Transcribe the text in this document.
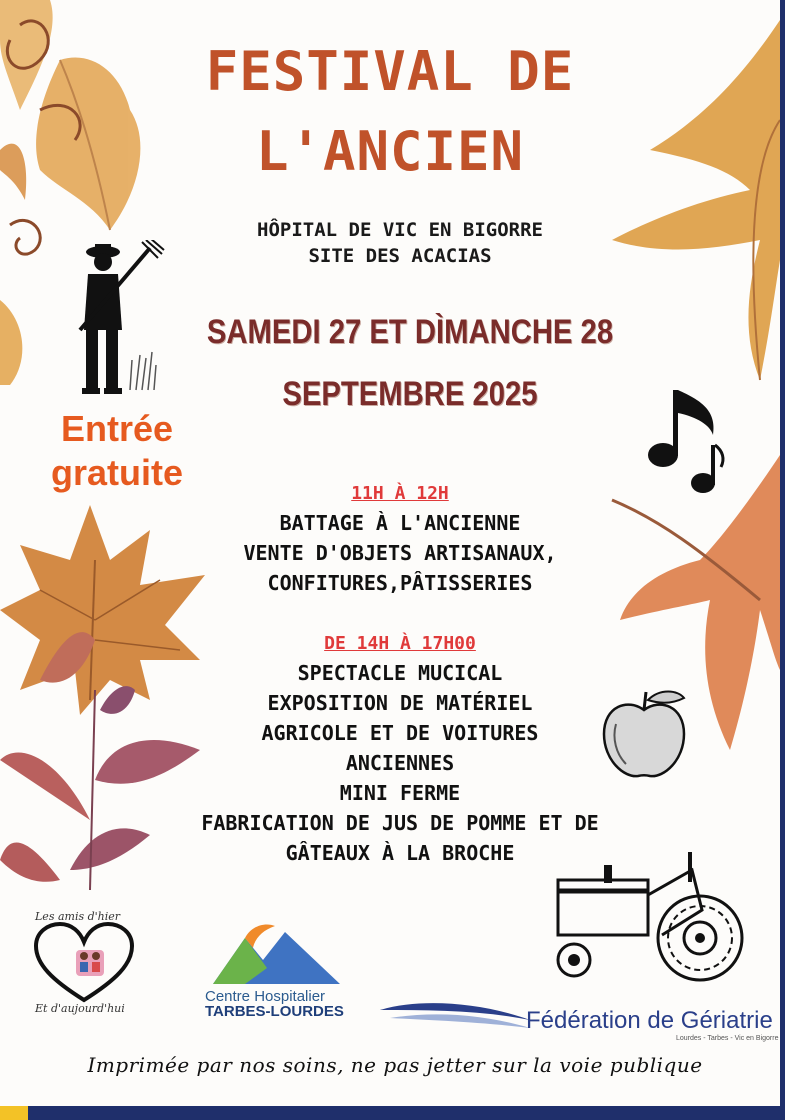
FESTIVAL DE
L'ANCIEN
HÔPITAL DE VIC EN BIGORRE
SITE DES ACACIAS
SAMEDI 27 ET DÌMANCHE 28
SEPTEMBRE 2025
Entrée
gratuite
11H À 12H
BATTAGE À L'ANCIENNE
VENTE D'OBJETS ARTISANAUX,
CONFITURES,PÂTISSERIES
DE 14H À 17H00
SPECTACLE MUCICAL
EXPOSITION DE MATÉRIEL
AGRICOLE ET DE VOITURES
ANCIENNES
MINI FERME
FABRICATION DE JUS DE POMME ET DE
GÂTEAUX À LA BROCHE
Les amis d'hier
Et d'aujourd'hui
Centre Hospitalier
TARBES-LOURDES	Fédération de Gériatrie
Lourdes - Tarbes - Vic en Bigorre
Imprimée par nos soins, ne pas jetter sur la voie publique
